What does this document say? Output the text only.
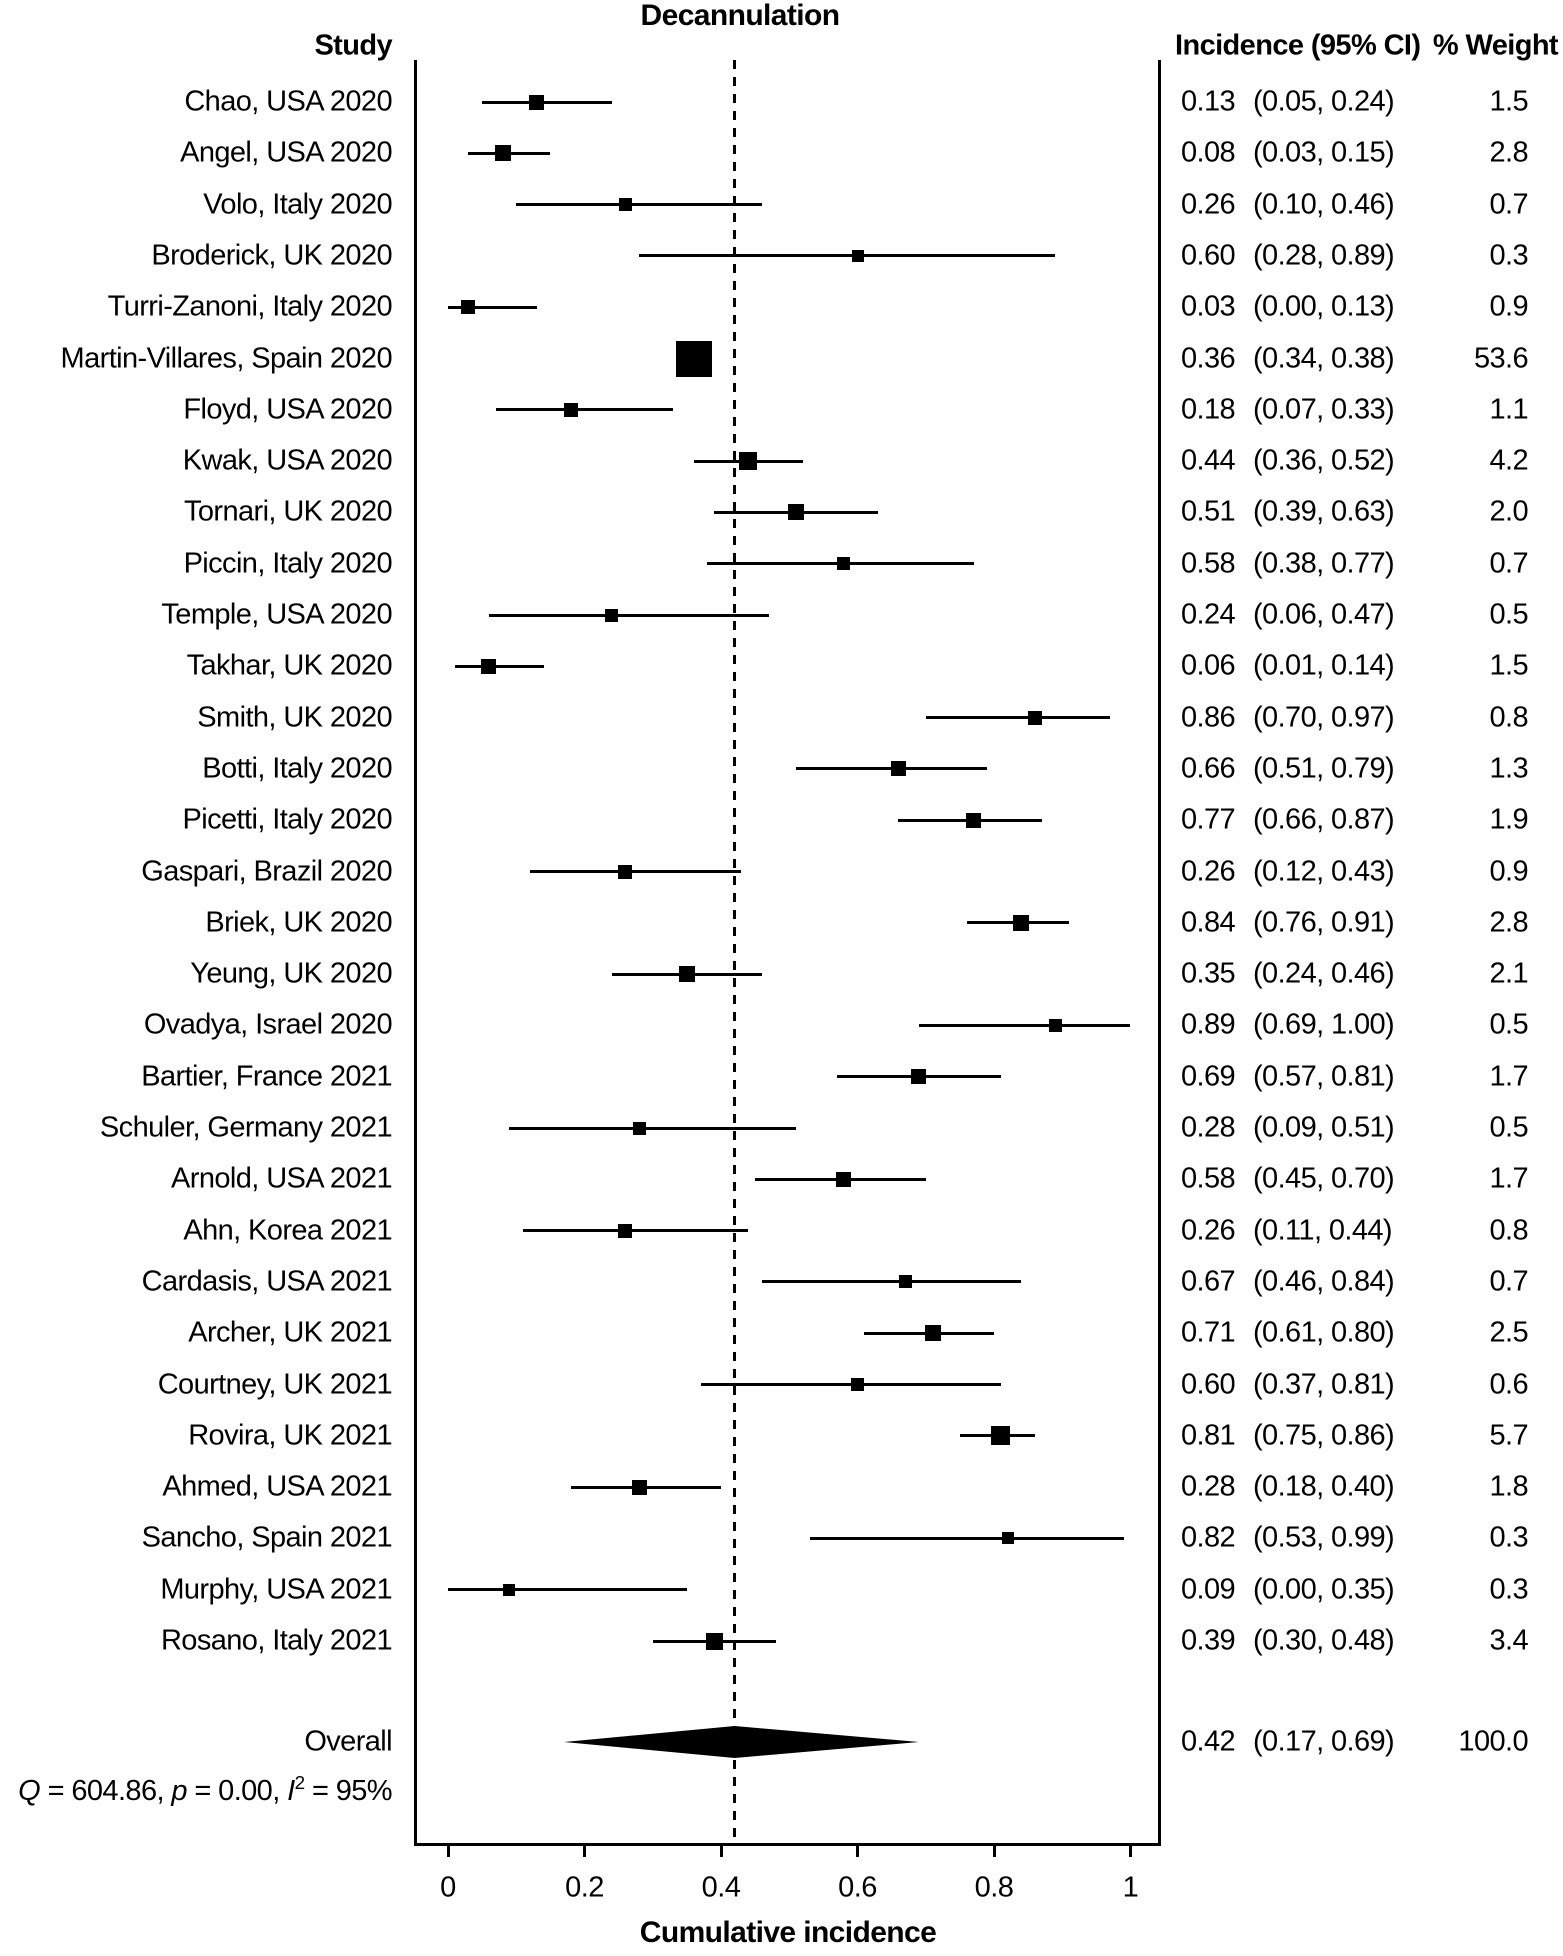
Decannulation
Study	Incidence (95% CI) % Weight
Chao, USA 2020	0.13 (0.05, 0.24)	1.5
Angel, USA 2020	0.08 (0.03, 0.15)	2.8
Volo, Italy 2020	0.26 (0.10, 0.46)	0.7
Broderick, UK 2020	0.60 (0.28, 0.89)	0.3
Turri-Zanoni, Italy 2020	0.03 (0.00, 0.13)	0.9
Martin-Villares, Spain 2020	0.36 (0.34, 0.38)	53.6
Floyd, USA 2020	0.18 (0.07, 0.33)	1.1
Kwak, USA 2020	0.44 (0.36, 0.52)	4.2
Tornari, UK 2020	0.51 (0.39, 0.63)	2.0
Piccin, Italy 2020	0.58 (0.38, 0.77)	0.7
Temple, USA 2020	0.24 (0.06, 0.47)	0.5
Takhar, UK 2020	0.06 (0.01, 0.14)	1.5
Smith, UK 2020	0.86 (0.70, 0.97)	0.8
Botti, Italy 2020	0.66 (0.51, 0.79)	1.3
Picetti, Italy 2020	0.77 (0.66, 0.87)	1.9
Gaspari, Brazil 2020	0.26 (0.12, 0.43)	0.9
Briek, UK 2020	0.84 (0.76, 0.91)	2.8
Yeung, UK 2020	0.35 (0.24, 0.46)	2.1
Ovadya, Israel 2020	0.89 (0.69, 1.00)	0.5
Bartier, France 2021	0.69 (0.57, 0.81)	1.7
Schuler, Germany 2021	0.28 (0.09, 0.51)	0.5
Arnold, USA 2021	0.58 (0.45, 0.70)	1.7
Ahn, Korea 2021	0.26 (0.11, 0.44)	0.8
Cardasis, USA 2021	0.67 (0.46, 0.84)	0.7
Archer, UK 2021	0.71 (0.61, 0.80)	2.5
Courtney, UK 2021	0.60 (0.37, 0.81)	0.6
Rovira, UK 2021	0.81 (0.75, 0.86)	5.7
Ahmed, USA 2021	0.28 (0.18, 0.40)	1.8
Sancho, Spain 2021	0.82 (0.53, 0.99)	0.3
Murphy, USA 2021	0.09 (0.00, 0.35)	0.3
Rosano, Italy 2021	0.39 (0.30, 0.48)	3.4
0	0.2	0.4	0.6	0.8	1
Overall	0.42 (0.17, 0.69)	100.0
Q = 604.86, p = 0.00, $I^2 = 95\%$
Cumulative incidence
